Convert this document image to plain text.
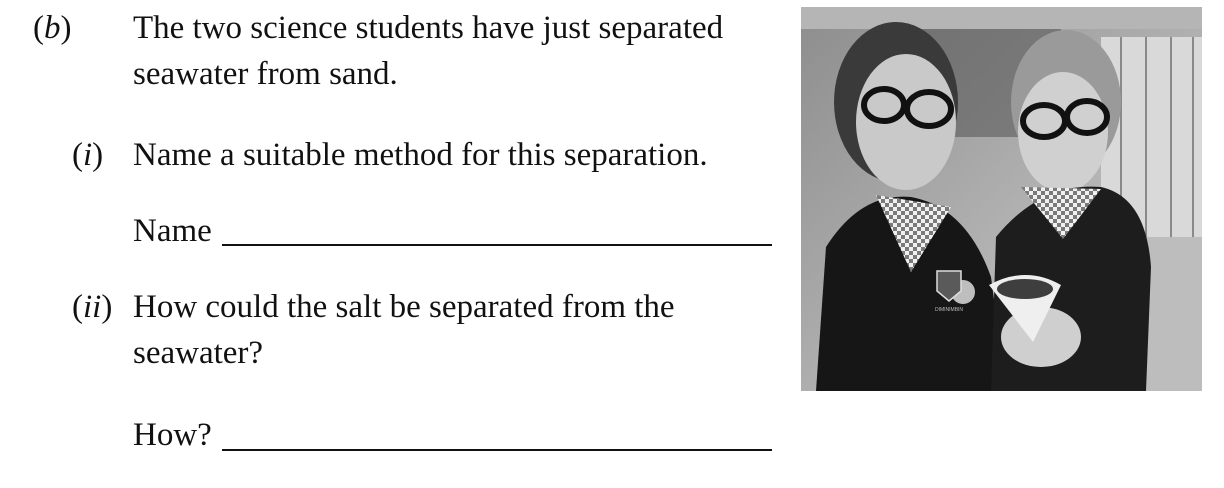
(b) The two science students have just separated
seawater from sand.
(i) Name a suitable method for this separation.
Name
(ii) How could the salt be separated from the
seawater?
How?
DIMINIMBIN
